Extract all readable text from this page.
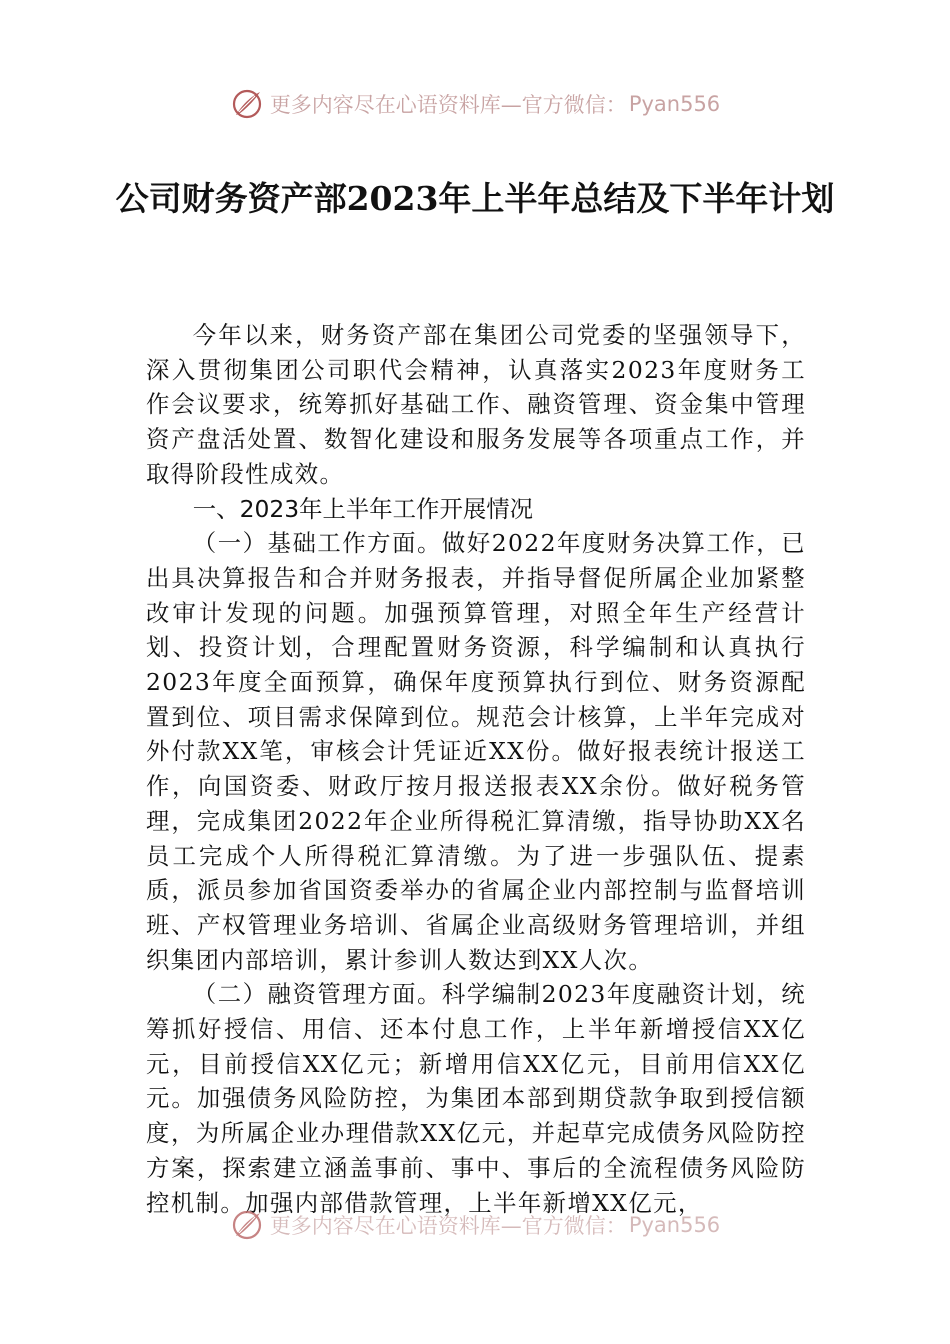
更多内容尽在心语资料库—官方微信： Pyan556
公司财务资产部2023年上半年总结及下半年计划

今年以来，财务资产部在集团公司党委的坚强领导下，深入贯彻集团公司职代会精神，认真落实2023年度财务工作会议要求，统筹抓好基础工作、融资管理、资金集中管理资产盘活处置、数智化建设和服务发展等各项重点工作，并取得阶段性成效。

一、2023年上半年工作开展情况

（一）基础工作方面。做好2022年度财务决算工作，已出具决算报告和合并财务报表，并指导督促所属企业加紧整改审计发现的问题。加强预算管理，对照全年生产经营计划、投资计划，合理配置财务资源，科学编制和认真执行2023年度全面预算，确保年度预算执行到位、财务资源配置到位、项目需求保障到位。规范会计核算，上半年完成对外付款XX笔，审核会计凭证近XX份。做好报表统计报送工作，向国资委、财政厅按月报送报表XX余份。做好税务管理，完成集团2022年企业所得税汇算清缴，指导协助XX名员工完成个人所得税汇算清缴。为了进一步强队伍、提素质，派员参加省国资委举办的省属企业内部控制与监督培训班、产权管理业务培训、省属企业高级财务管理培训，并组织集团内部培训，累计参训人数达到XX人次。

（二）融资管理方面。科学编制2023年度融资计划，统筹抓好授信、用信、还本付息工作，上半年新增授信XX亿元，目前授信XX亿元；新增用信XX亿元，目前用信XX亿元。加强债务风险防控，为集团本部到期贷款争取到授信额度，为所属企业办理借款XX亿元，并起草完成债务风险防控方案，探索建立涵盖事前、事中、事后的全流程债务风险防控机制。加强内部借款管理，上半年新增XX亿元，

更多内容尽在心语资料库—官方微信： Pyan556
